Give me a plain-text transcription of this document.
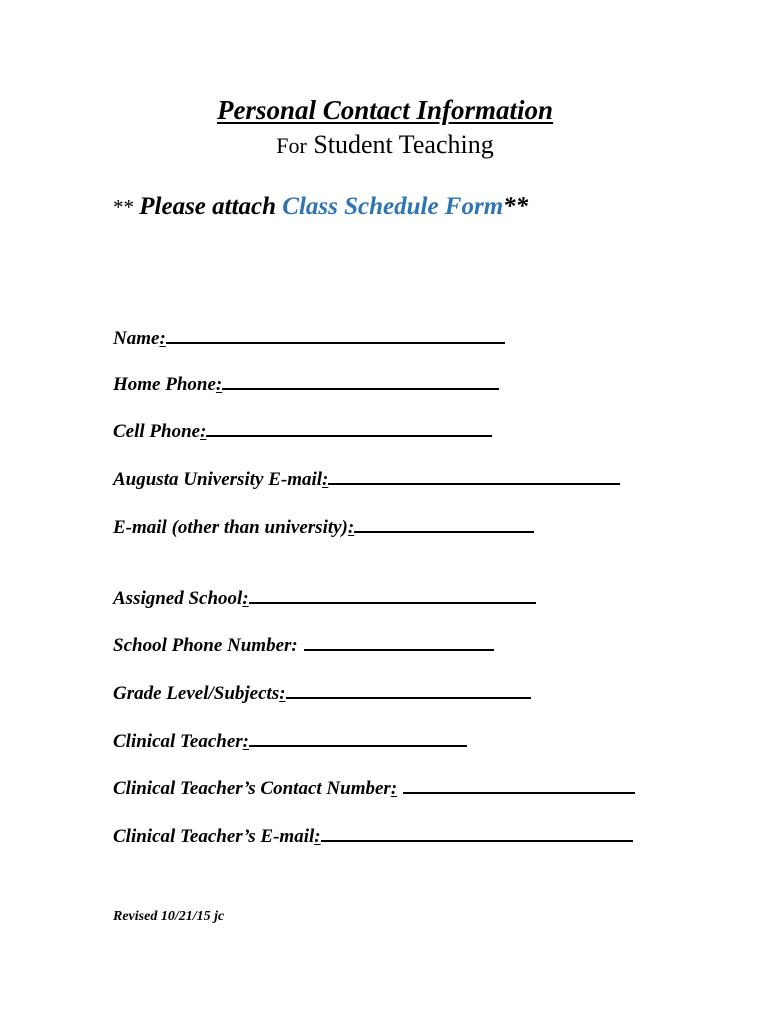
Personal Contact Information
For Student Teaching
** Please attach Class Schedule Form**
Name :
Home Phone :
Cell Phone :
Augusta University E-mail :
E-mail (other than university) :
Assigned School :
School Phone Number :
Grade Level/Subjects :
Clinical Teacher :
Clinical Teacher’s Contact Number :
Clinical Teacher’s E-mail :
Revised 10/21/15 jc
